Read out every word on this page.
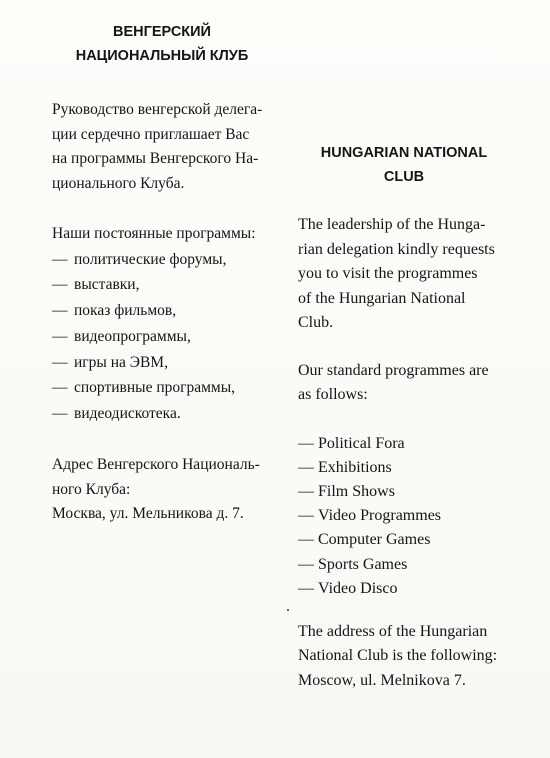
ВЕНГЕРСКИЙ
НАЦИОНАЛЬНЫЙ КЛУБ
Руководство венгерской делега-
ции сердечно приглашает Вас
на программы Венгерского На-
ционального Клуба.
Наши постоянные программы:
— политические форумы,
— выставки,
— показ фильмов,
— видеопрограммы,
— игры на ЭВМ,
— спортивные программы,
— видеодискотека.
Адрес Венгерского Националь-
ного Клуба:
Москва, ул. Мельникова д. 7.
HUNGARIAN NATIONAL
CLUB
The leadership of the Hunga-
rian delegation kindly requests
you to visit the programmes
of the Hungarian National
Club.
Our standard programmes are
as follows:
— Political Fora
— Exhibitions
— Film Shows
— Video Programmes
— Computer Games
— Sports Games
— Video Disco
The address of the Hungarian
National Club is the following:
Moscow, ul. Melnikova 7.
